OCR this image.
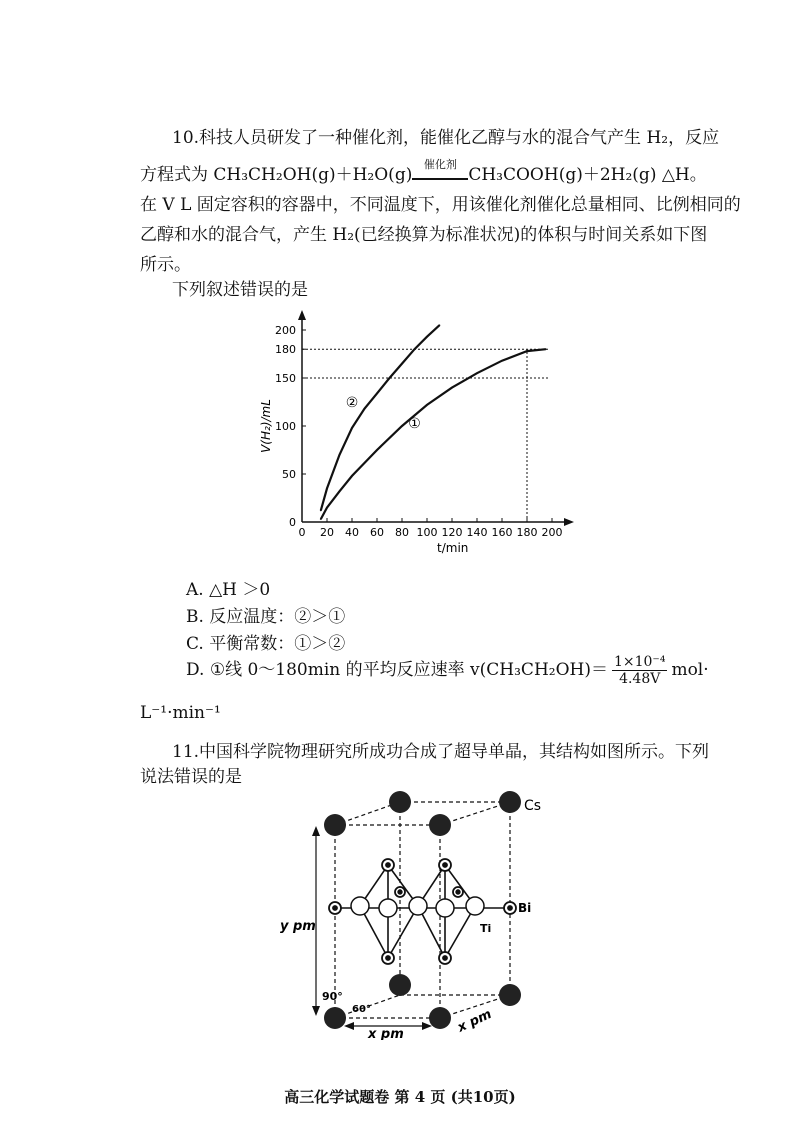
10.科技人员研发了一种催化剂，能催化乙醇与水的混合气产生 H₂，反应
方程式为 CH₃CH₂OH(g)＋H₂O(g)
催化剂
CH₃COOH(g)＋2H₂(g) △H。
在 V L 固定容积的容器中，不同温度下，用该催化剂催化总量相同、比例相同的
乙醇和水的混合气，产生 H₂(已经换算为标准状况)的体积与时间关系如下图
所示。
下列叙述错误的是
0 20 40 60 80 100 120 140 160 180 200
0
50
100
150
180
200
②
①
t/min
V(H₂)/mL
A. △H ＞0
B. 反应温度：②＞①
C. 平衡常数：①＞②
D. ①线 0～180min 的平均反应速率 $v(CH_3CH_2OH)= \frac{\text{1×10⁻⁴}}{4.48V} mol\cdot$
L⁻¹·min⁻¹
11.中国科学院物理研究所成功合成了超导单晶，其结构如图所示。下列
说法错误的是
Cs
Bi
Ti
y pm
x pm	x pm
90°
60°
高三化学试题卷 第 4 页 (共10页)
